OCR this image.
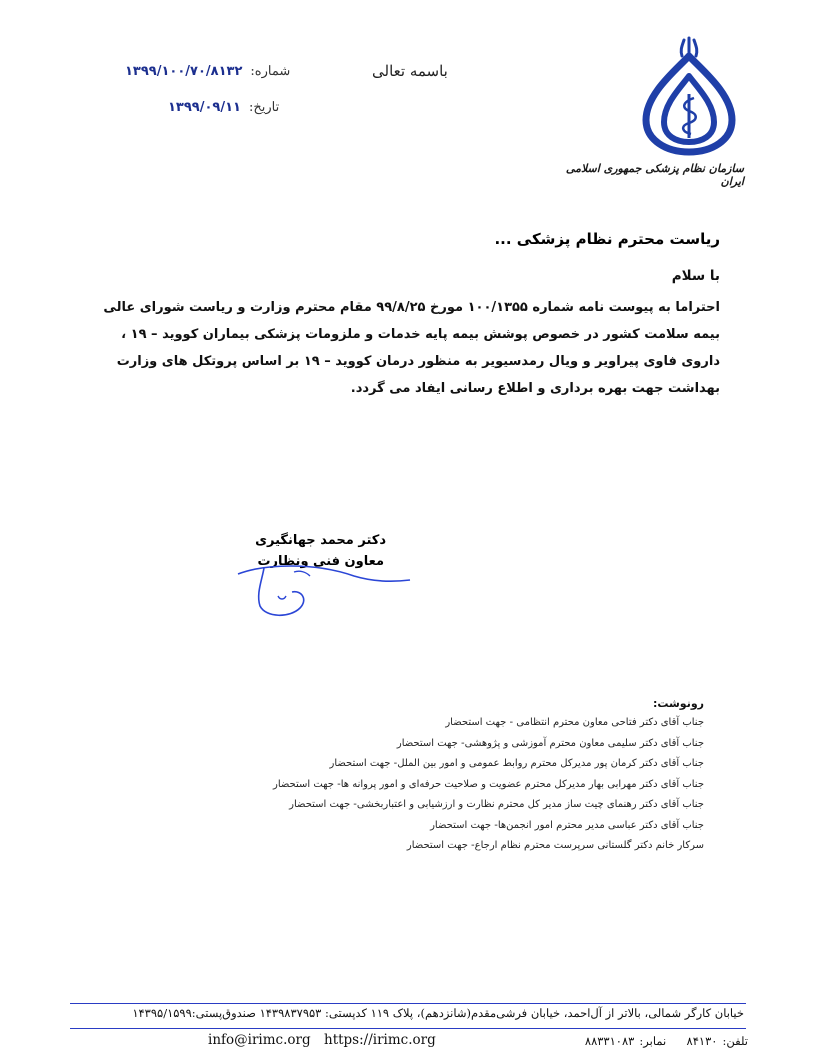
سازمان نظام پزشکی جمهوری اسلامی ایران
باسمه تعالی
شماره:
۱۳۹۹/۱۰۰/۷۰/۸۱۳۲
تاریخ:
۱۳۹۹/۰۹/۱۱
ریاست محترم نظام پزشکی ...
با سلام
احتراما به پیوست نامه شماره ۱۰۰/۱۳۵۵ مورخ ۹۹/۸/۲۵ مقام محترم وزارت و ریاست شورای عالی
بیمه سلامت کشور در خصوص پوشش بیمه پایه خدمات و ملزومات پزشکی بیماران کووید – ۱۹ ،
داروی فاوی پیراویر و ویال رمدسیویر به منظور درمان کووید – ۱۹ بر اساس پروتکل های وزارت
بهداشت جهت بهره برداری و اطلاع رسانی ایفاد می گردد.
دکتر محمد جهانگیری
معاون فنی ونظارت
رونوشت:
جناب آقای دکتر فتاحی معاون محترم انتظامی - جهت استحضار
جناب آقای دکتر سلیمی معاون محترم آموزشی و پژوهشی- جهت استحضار
جناب آقای دکتر کرمان پور مدیرکل محترم روابط عمومی و امور بین الملل- جهت استحضار
جناب آقای دکتر مهرابی بهار مدیرکل محترم عضویت و صلاحیت حرفه‌ای و امور پروانه ها- جهت استحضار
جناب آقای دکتر رهنمای چیت ساز مدیر کل محترم نظارت و ارزشیابی و اعتباربخشی- جهت استحضار
جناب آقای دکتر عباسی مدیر محترم امور انجمن‌ها- جهت استحضار
سرکار خانم دکتر گلستانی سرپرست محترم نظام ارجاع- جهت استحضار
خیابان کارگر شمالی، بالاتر از آل‌احمد، خیابان فرشی‌مقدم(شانزدهم)، پلاک ۱۱۹ کدپستی: ۱۴۳۹۸۳۷۹۵۳ صندوق‌پستی:۱۴۳۹۵/۱۵۹۹
info@irimc.org https://irimc.org	تلفن: ۸۴۱۳۰    نمابر: ۸۸۳۳۱۰۸۳
